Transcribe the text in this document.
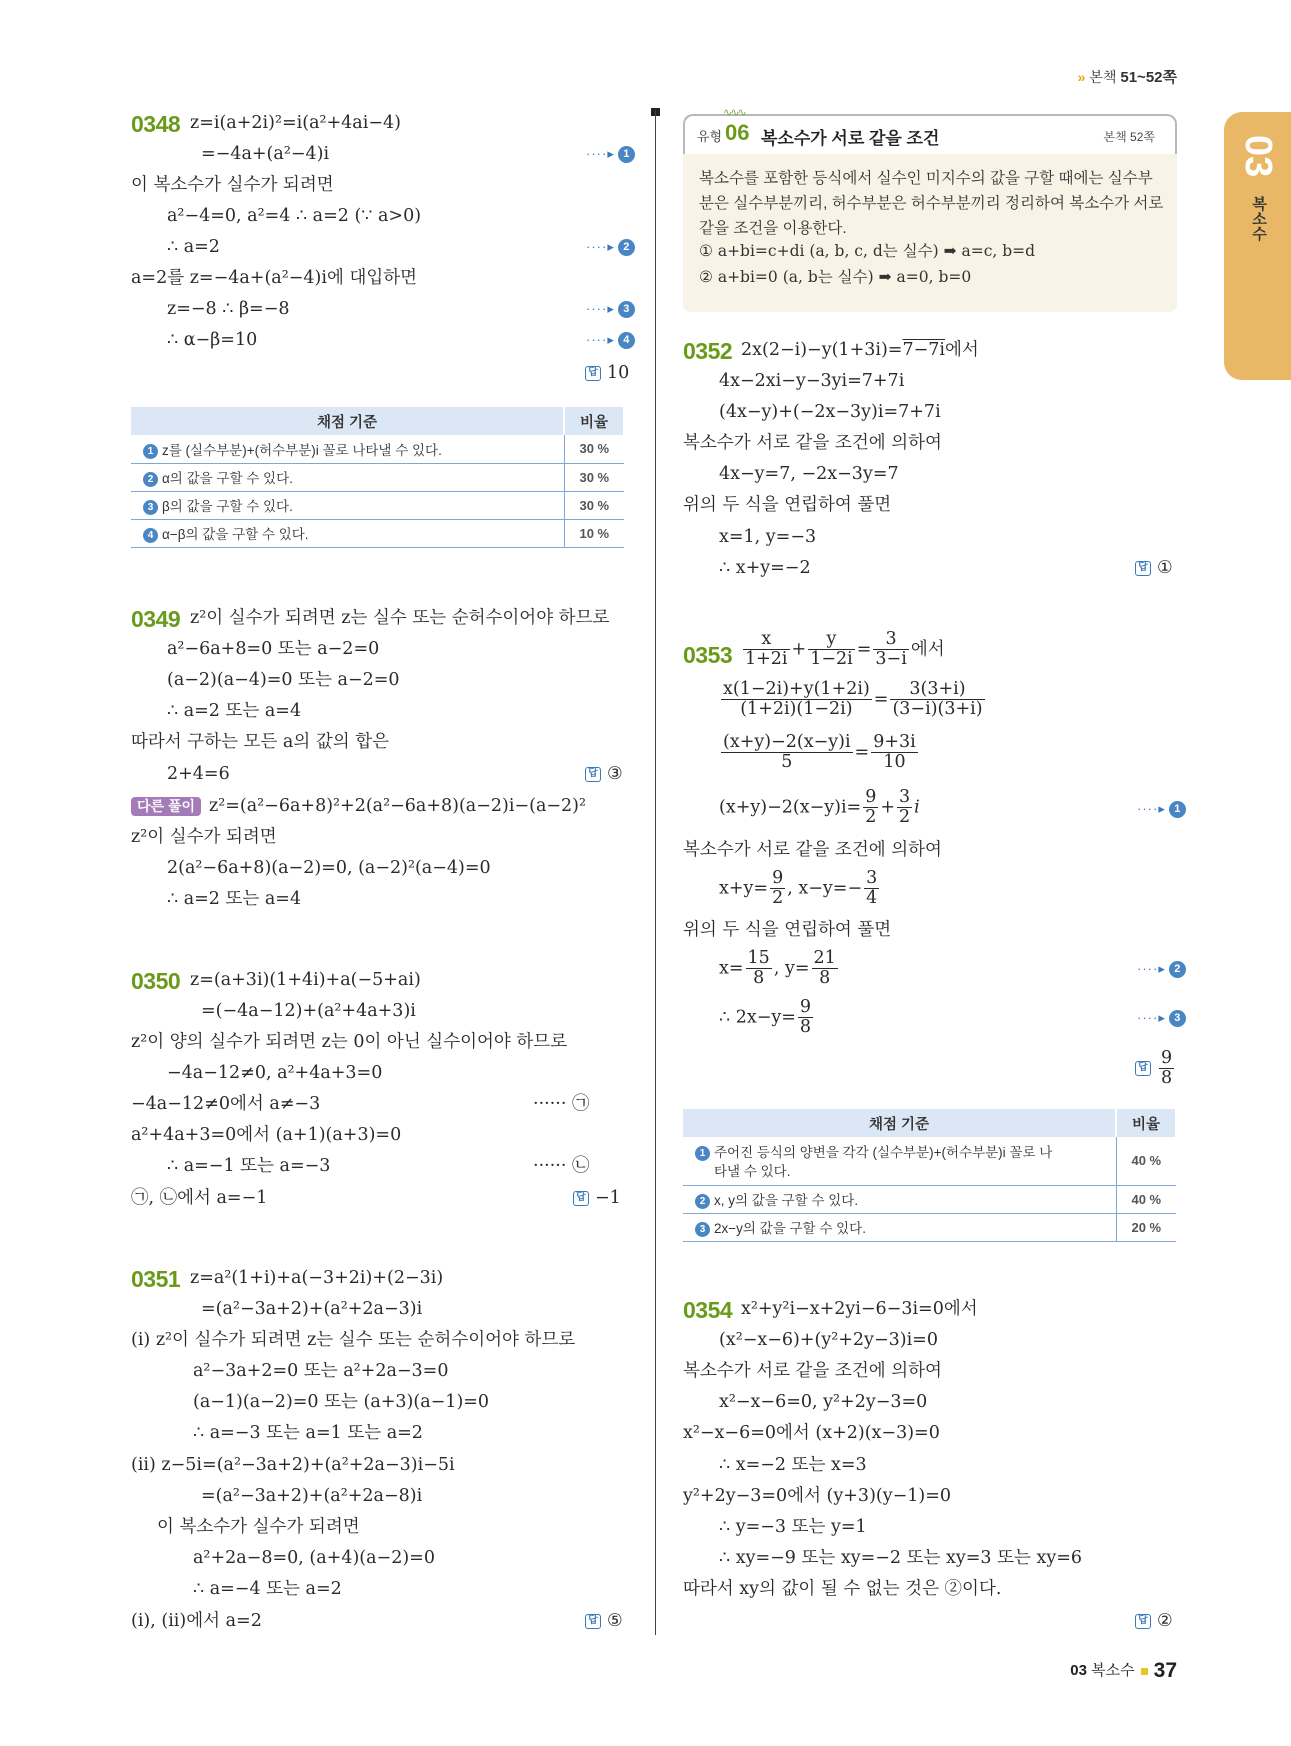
» 본책 51~52쪽
03
복소수
0348 z=i(a+2i)²=i(a²+4ai−4)
=−4a+(a²−4)i	····▸ 1
이 복소수가 실수가 되려면
a²−4=0, a²=4 ∴ a=2 (∵ a>0)
∴ a=2	····▸ 2
a=2를 z=−4a+(a²−4)i에 대입하면
z=−8 ∴ β=−8	····▸ 3
∴ α−β=10	····▸ 4
답 10
채점 기준	비율
1 z를 (실수부분)+(허수부분)i 꼴로 나타낼 수 있다.	30 %
2 α의 값을 구할 수 있다.	30 %
3 β의 값을 구할 수 있다.	30 %
4 α−β의 값을 구할 수 있다.	10 %
0349 z²이 실수가 되려면 z는 실수 또는 순허수이어야 하므로
a²−6a+8=0 또는 a−2=0
(a−2)(a−4)=0 또는 a−2=0
∴ a=2 또는 a=4
따라서 구하는 모든 a의 값의 합은
2+4=6	답 ③
다른 풀이 z²=(a²−6a+8)²+2(a²−6a+8)(a−2)i−(a−2)²
z²이 실수가 되려면
2(a²−6a+8)(a−2)=0, (a−2)²(a−4)=0
∴ a=2 또는 a=4
0350 z=(a+3i)(1+4i)+a(−5+ai)
=(−4a−12)+(a²+4a+3)i
z²이 양의 실수가 되려면 z는 0이 아닌 실수이어야 하므로
−4a−12≠0, a²+4a+3=0
−4a−12≠0에서 a≠−3	······ ㉠
a²+4a+3=0에서 (a+1)(a+3)=0
∴ a=−1 또는 a=−3	······ ㉡
㉠, ㉡에서 a=−1	답 −1
0351 z=a²(1+i)+a(−3+2i)+(2−3i)
=(a²−3a+2)+(a²+2a−3)i
(i) z²이 실수가 되려면 z는 실수 또는 순허수이어야 하므로
a²−3a+2=0 또는 a²+2a−3=0
(a−1)(a−2)=0 또는 (a+3)(a−1)=0
∴ a=−3 또는 a=1 또는 a=2
(ii) z−5i=(a²−3a+2)+(a²+2a−3)i−5i
=(a²−3a+2)+(a²+2a−8)i
이 복소수가 실수가 되려면
a²+2a−8=0, (a+4)(a−2)=0
∴ a=−4 또는 a=2
(i), (ii)에서 a=2	답 ⑤
∿∿∿
유형 06 복소수가 서로 같을 조건	본책 52쪽
복소수를 포함한 등식에서 실수인 미지수의 값을 구할 때에는 실수부분은 실수부분끼리, 허수부분은 허수부분끼리 정리하여 복소수가 서로 같을 조건을 이용한다.
① a+bi=c+di (a, b, c, d는 실수) ➡ a=c, b=d
② a+bi=0 (a, b는 실수) ➡ a=0, b=0
0352 2x(2−i)−y(1+3i)=7−7i에서
4x−2xi−y−3yi=7+7i
(4x−y)+(−2x−3y)i=7+7i
복소수가 서로 같을 조건에 의하여
4x−y=7, −2x−3y=7
위의 두 식을 연립하여 풀면
x=1, y=−3
∴ x+y=−2	답 ①
$0353 \frac{x}{1+2i} + \frac{y}{1-2i} = \frac{3}{3-i}$ 에서
$\frac{x(1-2i)+y(1+2i)}{(1+2i)(1-2i)} = \frac{3(3+i)}{(3-i)(3+i)}$
$\frac{(x+y)-2(x-y)i}{5} = \frac{9+3i}{10}$
$(x+y)-2(x-y)i= \frac{9}{2} + \frac{3}{2}$ i	····▸ 1
복소수가 서로 같을 조건에 의하여
$x+y= \frac{9}{2}$ , $x-y=- \frac{3}{4}$
위의 두 식을 연립하여 풀면
$x= \frac{15}{8}$ , $y= \frac{21}{8}$	····▸ 2
∴ $2x-y= \frac{9}{8}$	····▸ 3
답 $\frac{9}{8}$
채점 기준	비율
1 주어진 등식의 양변을 각각 (실수부분)+(허수부분)i 꼴로 나
타낼 수 있다.	40 %
2 x, y의 값을 구할 수 있다.	40 %
3 2x−y의 값을 구할 수 있다.	20 %
0354 x²+y²i−x+2yi−6−3i=0에서
(x²−x−6)+(y²+2y−3)i=0
복소수가 서로 같을 조건에 의하여
x²−x−6=0, y²+2y−3=0
x²−x−6=0에서 (x+2)(x−3)=0
∴ x=−2 또는 x=3
y²+2y−3=0에서 (y+3)(y−1)=0
∴ y=−3 또는 y=1
∴ xy=−9 또는 xy=−2 또는 xy=3 또는 xy=6
따라서 xy의 값이 될 수 없는 것은 ②이다.
답 ②
03 복소수 37
